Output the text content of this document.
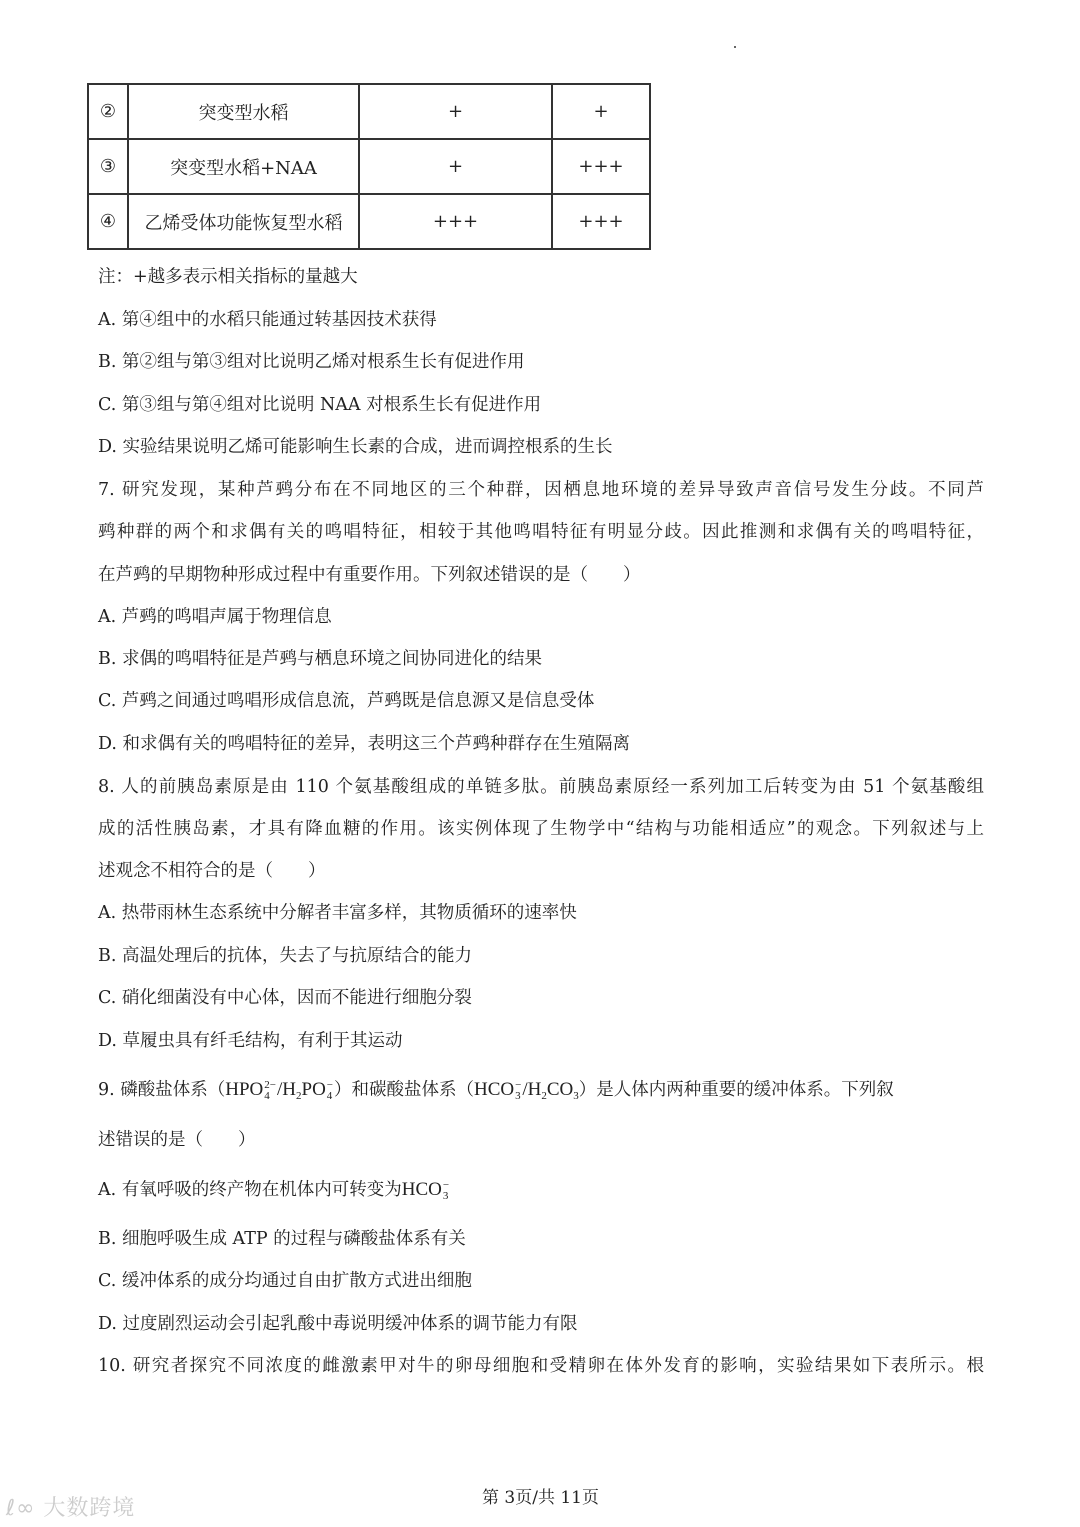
②	突变型水稻	+	+
③	突变型水稻+NAA	+	+++
④	乙烯受体功能恢复型水稻	+++	+++
注：+越多表示相关指标的量越大
A. 第④组中的水稻只能通过转基因技术获得
B. 第②组与第③组对比说明乙烯对根系生长有促进作用
C. 第③组与第④组对比说明 NAA 对根系生长有促进作用
D. 实验结果说明乙烯可能影响生长素的合成，进而调控根系的生长
7. 研究发现，某种芦鹀分布在不同地区的三个种群，因栖息地环境的差异导致声音信号发生分歧。不同芦
鹀种群的两个和求偶有关的鸣唱特征，相较于其他鸣唱特征有明显分歧。因此推测和求偶有关的鸣唱特征，
在芦鹀的早期物种形成过程中有重要作用。下列叙述错误的是（　　）
A. 芦鹀的鸣唱声属于物理信息
B. 求偶的鸣唱特征是芦鹀与栖息环境之间协同进化的结果
C. 芦鹀之间通过鸣唱形成信息流，芦鹀既是信息源又是信息受体
D. 和求偶有关的鸣唱特征的差异，表明这三个芦鹀种群存在生殖隔离
8. 人的前胰岛素原是由 110 个氨基酸组成的单链多肽。前胰岛素原经一系列加工后转变为由 51 个氨基酸组
成的活性胰岛素，才具有降血糖的作用。该实例体现了生物学中“结构与功能相适应”的观念。下列叙述与上
述观念不相符合的是（　　）
A. 热带雨林生态系统中分解者丰富多样，其物质循环的速率快
B. 高温处理后的抗体，失去了与抗原结合的能力
C. 硝化细菌没有中心体，因而不能进行细胞分裂
D. 草履虫具有纤毛结构，有利于其运动
9. 磷酸盐体系（HPO 2−
4 $/H_2PO$ −
4 ）和碳酸盐体系（HCO −
3 $/H_2CO_3$）是人体内两种重要的缓冲体系。下列叙
述错误的是（　　）
A. 有氧呼吸的终产物在机体内可转变为HCO −
3
B. 细胞呼吸生成 ATP 的过程与磷酸盐体系有关
C. 缓冲体系的成分均通过自由扩散方式进出细胞
D. 过度剧烈运动会引起乳酸中毒说明缓冲体系的调节能力有限
10. 研究者探究不同浓度的雌激素甲对牛的卵母细胞和受精卵在体外发育的影响，实验结果如下表所示。根
第 3页/共 11页
ℓ∞ 大数跨境
